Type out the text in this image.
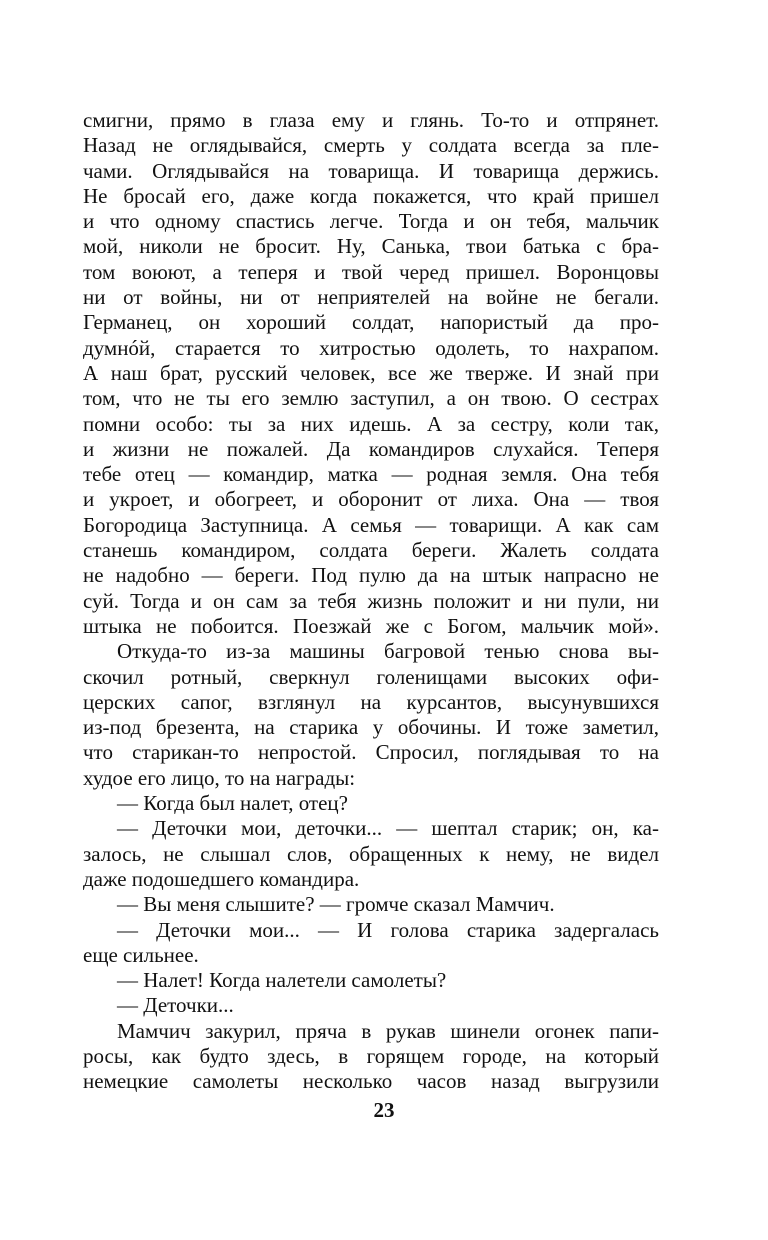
смигни, прямо в глаза ему и глянь. То-то и отпрянет.
Назад не оглядывайся, смерть у солдата всегда за пле-
чами. Оглядывайся на товарища. И товарища держись.
Не бросай его, даже когда покажется, что край пришел
и что одному спастись легче. Тогда и он тебя, мальчик
мой, николи не бросит. Ну, Санька, твои батька с бра-
том воюют, а теперя и твой черед пришел. Воронцовы
ни от войны, ни от неприятелей на войне не бегали.
Германец, он хороший солдат, напористый да про-
думнóй, старается то хитростью одолеть, то нахрапом.
А наш брат, русский человек, все же тверже. И знай при
том, что не ты его землю заступил, а он твою. О сестрах
помни особо: ты за них идешь. А за сестру, коли так,
и жизни не пожалей. Да командиров слухайся. Теперя
тебе отец — командир, матка — родная земля. Она тебя
и укроет, и обогреет, и оборонит от лиха. Она — твоя
Богородица Заступница. А семья — товарищи. А как сам
станешь командиром, солдата береги. Жалеть солдата
не надобно — береги. Под пулю да на штык напрасно не
суй. Тогда и он сам за тебя жизнь положит и ни пули, ни
штыка не побоится. Поезжай же с Богом, мальчик мой».
Откуда-то из-за машины багровой тенью снова вы-
скочил ротный, сверкнул голенищами высоких офи-
церских сапог, взглянул на курсантов, высунувшихся
из-под брезента, на старика у обочины. И тоже заметил,
что старикан-то непростой. Спросил, поглядывая то на
худое его лицо, то на награды:
— Когда был налет, отец?
— Деточки мои, деточки... — шептал старик; он, ка-
залось, не слышал слов, обращенных к нему, не видел
даже подошедшего командира.
— Вы меня слышите? — громче сказал Мамчич.
— Деточки мои... — И голова старика задергалась
еще сильнее.
— Налет! Когда налетели самолеты?
— Деточки...
Мамчич закурил, пряча в рукав шинели огонек папи-
росы, как будто здесь, в горящем городе, на который
немецкие самолеты несколько часов назад выгрузили
23
